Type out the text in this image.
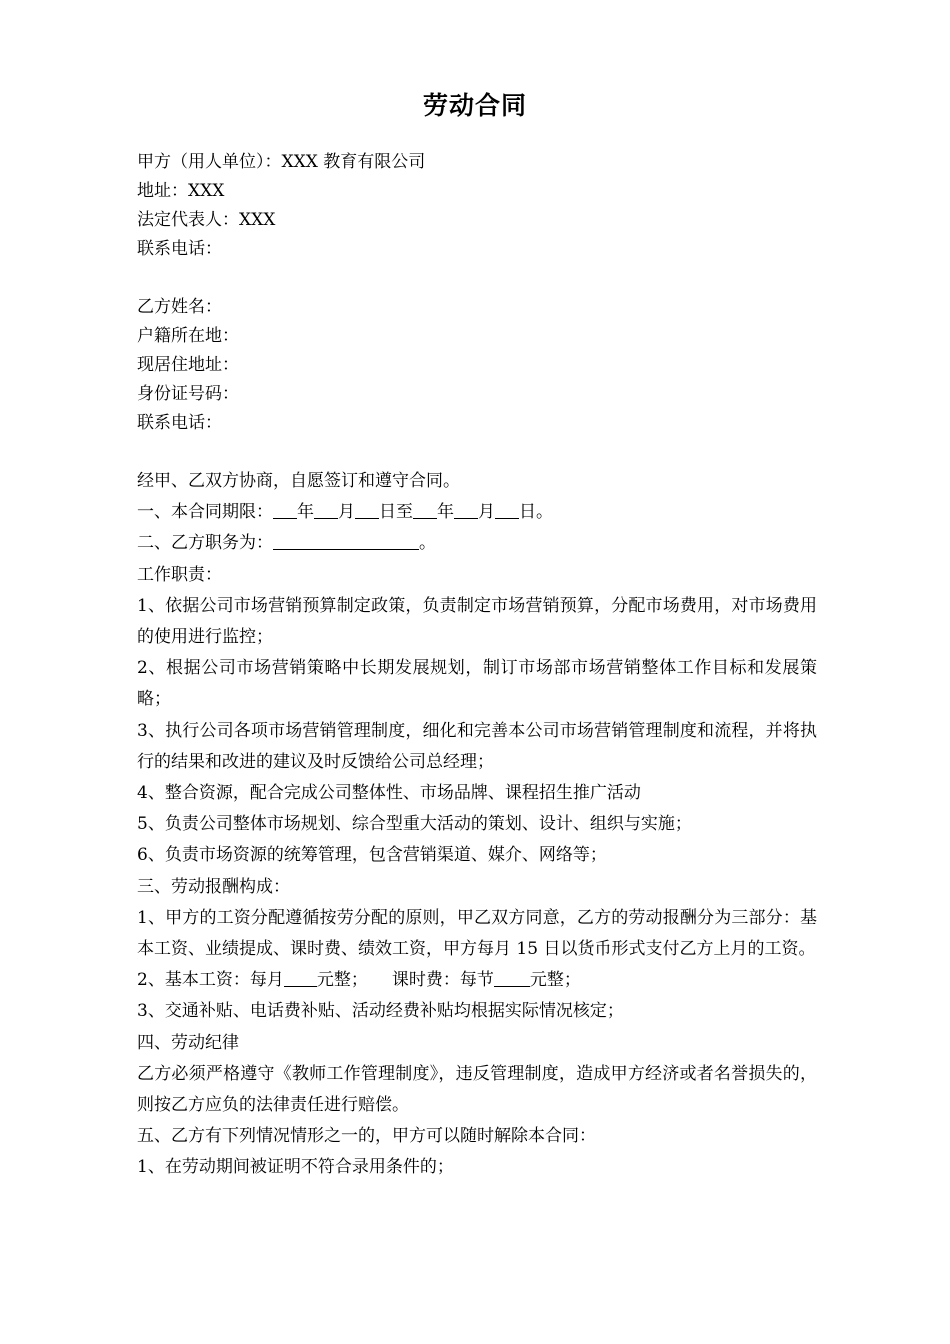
劳动合同

甲方（用人单位）：XXX 教育有限公司

地址：XXX

法定代表人：XXX

联系电话：

乙方姓名：

户籍所在地：

现居住地址：

身份证号码：

联系电话：

经甲、乙双方协商，自愿签订和遵守合同。

一、本合同期限： 年 月 日至 年 月 日。

二、乙方职务为：	。

工作职责：

1、依据公司市场营销预算制定政策，负责制定市场营销预算，分配市场费用，对市场费用的使用进行监控；

2、根据公司市场营销策略中长期发展规划，制订市场部市场营销整体工作目标和发展策略；

3、执行公司各项市场营销管理制度，细化和完善本公司市场营销管理制度和流程，并将执行的结果和改进的建议及时反馈给公司总经理；

4、整合资源，配合完成公司整体性、市场品牌、课程招生推广活动

5、负责公司整体市场规划、综合型重大活动的策划、设计、组织与实施；

6、负责市场资源的统筹管理，包含营销渠道、媒介、网络等；

三、劳动报酬构成：

1、甲方的工资分配遵循按劳分配的原则，甲乙双方同意，乙方的劳动报酬分为三部分：基本工资、业绩提成、课时费、绩效工资，甲方每月 15 日以货币形式支付乙方上月的工资。

2、基本工资：每月 元整； 课时费：每节 元整；

3、交通补贴、电话费补贴、活动经费补贴均根据实际情况核定；

四、劳动纪律

乙方必须严格遵守《教师工作管理制度》，违反管理制度，造成甲方经济或者名誉损失的，则按乙方应负的法律责任进行赔偿。

五、乙方有下列情况情形之一的，甲方可以随时解除本合同：

1、在劳动期间被证明不符合录用条件的；
